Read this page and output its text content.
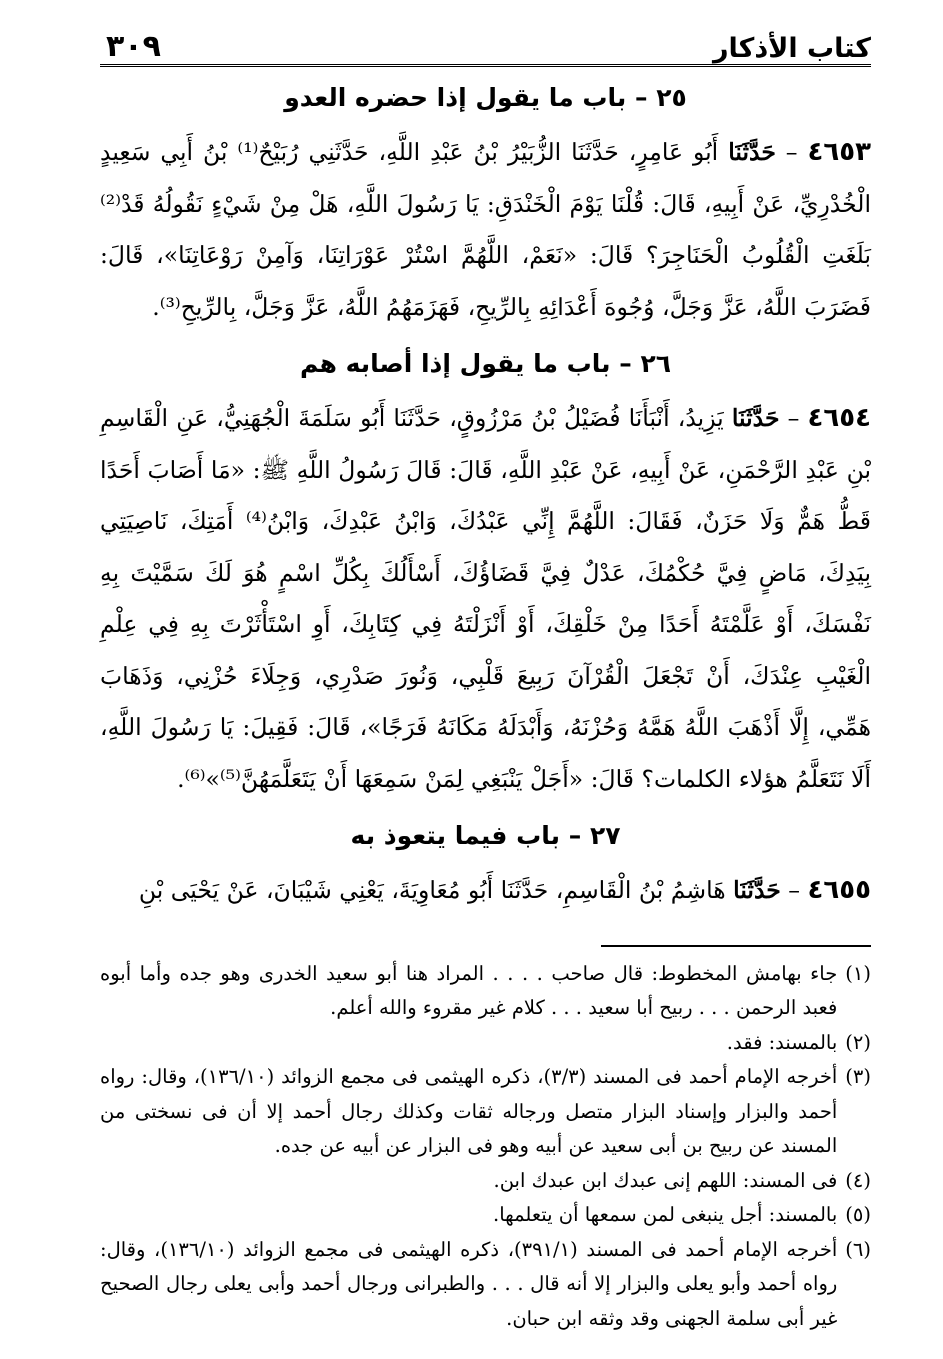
كتاب الأذكار
٣٠٩
٢٥ – باب ما يقول إذا حضره العدو

٤٦٥٣ – حَدَّثَنَا أَبُو عَامِرٍ، حَدَّثَنَا الزُّبَيْرُ بْنُ عَبْدِ اللَّهِ، حَدَّثَنِي رُبَيْحٌ⁽¹⁾ بْنُ أَبِي سَعِيدٍ الْخُدْرِيِّ، عَنْ أَبِيهِ، قَالَ: قُلْنَا يَوْمَ الْخَنْدَقِ: يَا رَسُولَ اللَّهِ، هَلْ مِنْ شَيْءٍ نَقُولُهُ قَدْ⁽²⁾ بَلَغَتِ الْقُلُوبُ الْحَنَاجِرَ؟ قَالَ: «نَعَمْ، اللَّهُمَّ اسْتُرْ عَوْرَاتِنَا، وَآمِنْ رَوْعَاتِنَا»، قَالَ: فَضَرَبَ اللَّهُ، عَزَّ وَجَلَّ، وُجُوهَ أَعْدَائِهِ بِالرِّيحِ، فَهَزَمَهُمُ اللَّهُ، عَزَّ وَجَلَّ، بِالرِّيحِ⁽³⁾.

٢٦ – باب ما يقول إذا أصابه هم

٤٦٥٤ – حَدَّثَنَا يَزِيدُ، أَنْبَأَنَا فُضَيْلُ بْنُ مَرْزُوقٍ، حَدَّثَنَا أَبُو سَلَمَةَ الْجُهَنِيُّ، عَنِ الْقَاسِمِ بْنِ عَبْدِ الرَّحْمَنِ، عَنْ أَبِيهِ، عَنْ عَبْدِ اللَّهِ، قَالَ: قَالَ رَسُولُ اللَّهِ ﷺ: «مَا أَصَابَ أَحَدًا قَطُّ هَمٌّ وَلَا حَزَنٌ، فَقَالَ: اللَّهُمَّ إِنِّي عَبْدُكَ، وَابْنُ عَبْدِكَ، وَابْنُ⁽⁴⁾ أَمَتِكَ، نَاصِيَتِي بِيَدِكَ، مَاضٍ فِيَّ حُكْمُكَ، عَدْلٌ فِيَّ قَضَاؤُكَ، أَسْأَلُكَ بِكُلِّ اسْمٍ هُوَ لَكَ سَمَّيْتَ بِهِ نَفْسَكَ، أَوْ عَلَّمْتَهُ أَحَدًا مِنْ خَلْقِكَ، أَوْ أَنْزَلْتَهُ فِي كِتَابِكَ، أَوِ اسْتَأْثَرْتَ بِهِ فِي عِلْمِ الْغَيْبِ عِنْدَكَ، أَنْ تَجْعَلَ الْقُرْآنَ رَبِيعَ قَلْبِي، وَنُورَ صَدْرِي، وَجِلَاءَ حُزْنِي، وَذَهَابَ هَمِّي، إِلَّا أَذْهَبَ اللَّهُ هَمَّهُ وَحُزْنَهُ، وَأَبْدَلَهُ مَكَانَهُ فَرَجًا»، قَالَ: فَقِيلَ: يَا رَسُولَ اللَّهِ، أَلَا نَتَعَلَّمُ هؤلاء الكلمات؟ قَالَ: «أَجَلْ يَنْبَغِي لِمَنْ سَمِعَهَا أَنْ يَتَعَلَّمَهُنَّ⁽⁵⁾»⁽⁶⁾.

٢٧ – باب فيما يتعوذ به

٤٦٥٥ – حَدَّثَنَا هَاشِمُ بْنُ الْقَاسِمِ، حَدَّثَنَا أَبُو مُعَاوِيَةَ، يَعْنِي شَيْبَانَ، عَنْ يَحْيَى بْنِ

(١)
جاء بهامش المخطوط: قال صاحب . . . . المراد هنا أبو سعيد الخدرى وهو جده وأما أبوه فعبد الرحمن . . . ربيح أبا سعيد . . . كلام غير مقروء والله أعلم.
(٢)
بالمسند: فقد.
(٣)
أخرجه الإمام أحمد فى المسند (٣/٣)، ذكره الهيثمى فى مجمع الزوائد (١٣٦/١٠)، وقال: رواه أحمد والبزار وإسناد البزار متصل ورجاله ثقات وكذلك رجال أحمد إلا أن فى نسختى من المسند عن ربيح بن أبى سعيد عن أبيه وهو فى البزار عن أبيه عن جده.
(٤)
فى المسند: اللهم إنى عبدك ابن عبدك ابن.
(٥)
بالمسند: أجل ينبغى لمن سمعها أن يتعلمها.
(٦)
أخرجه الإمام أحمد فى المسند (٣٩١/١)، ذكره الهيثمى فى مجمع الزوائد (١٣٦/١٠)، وقال: رواه أحمد وأبو يعلى والبزار إلا أنه قال . . . والطبرانى ورجال أحمد وأبى يعلى رجال الصحيح غير أبى سلمة الجهنى وقد وثقه ابن حبان.
